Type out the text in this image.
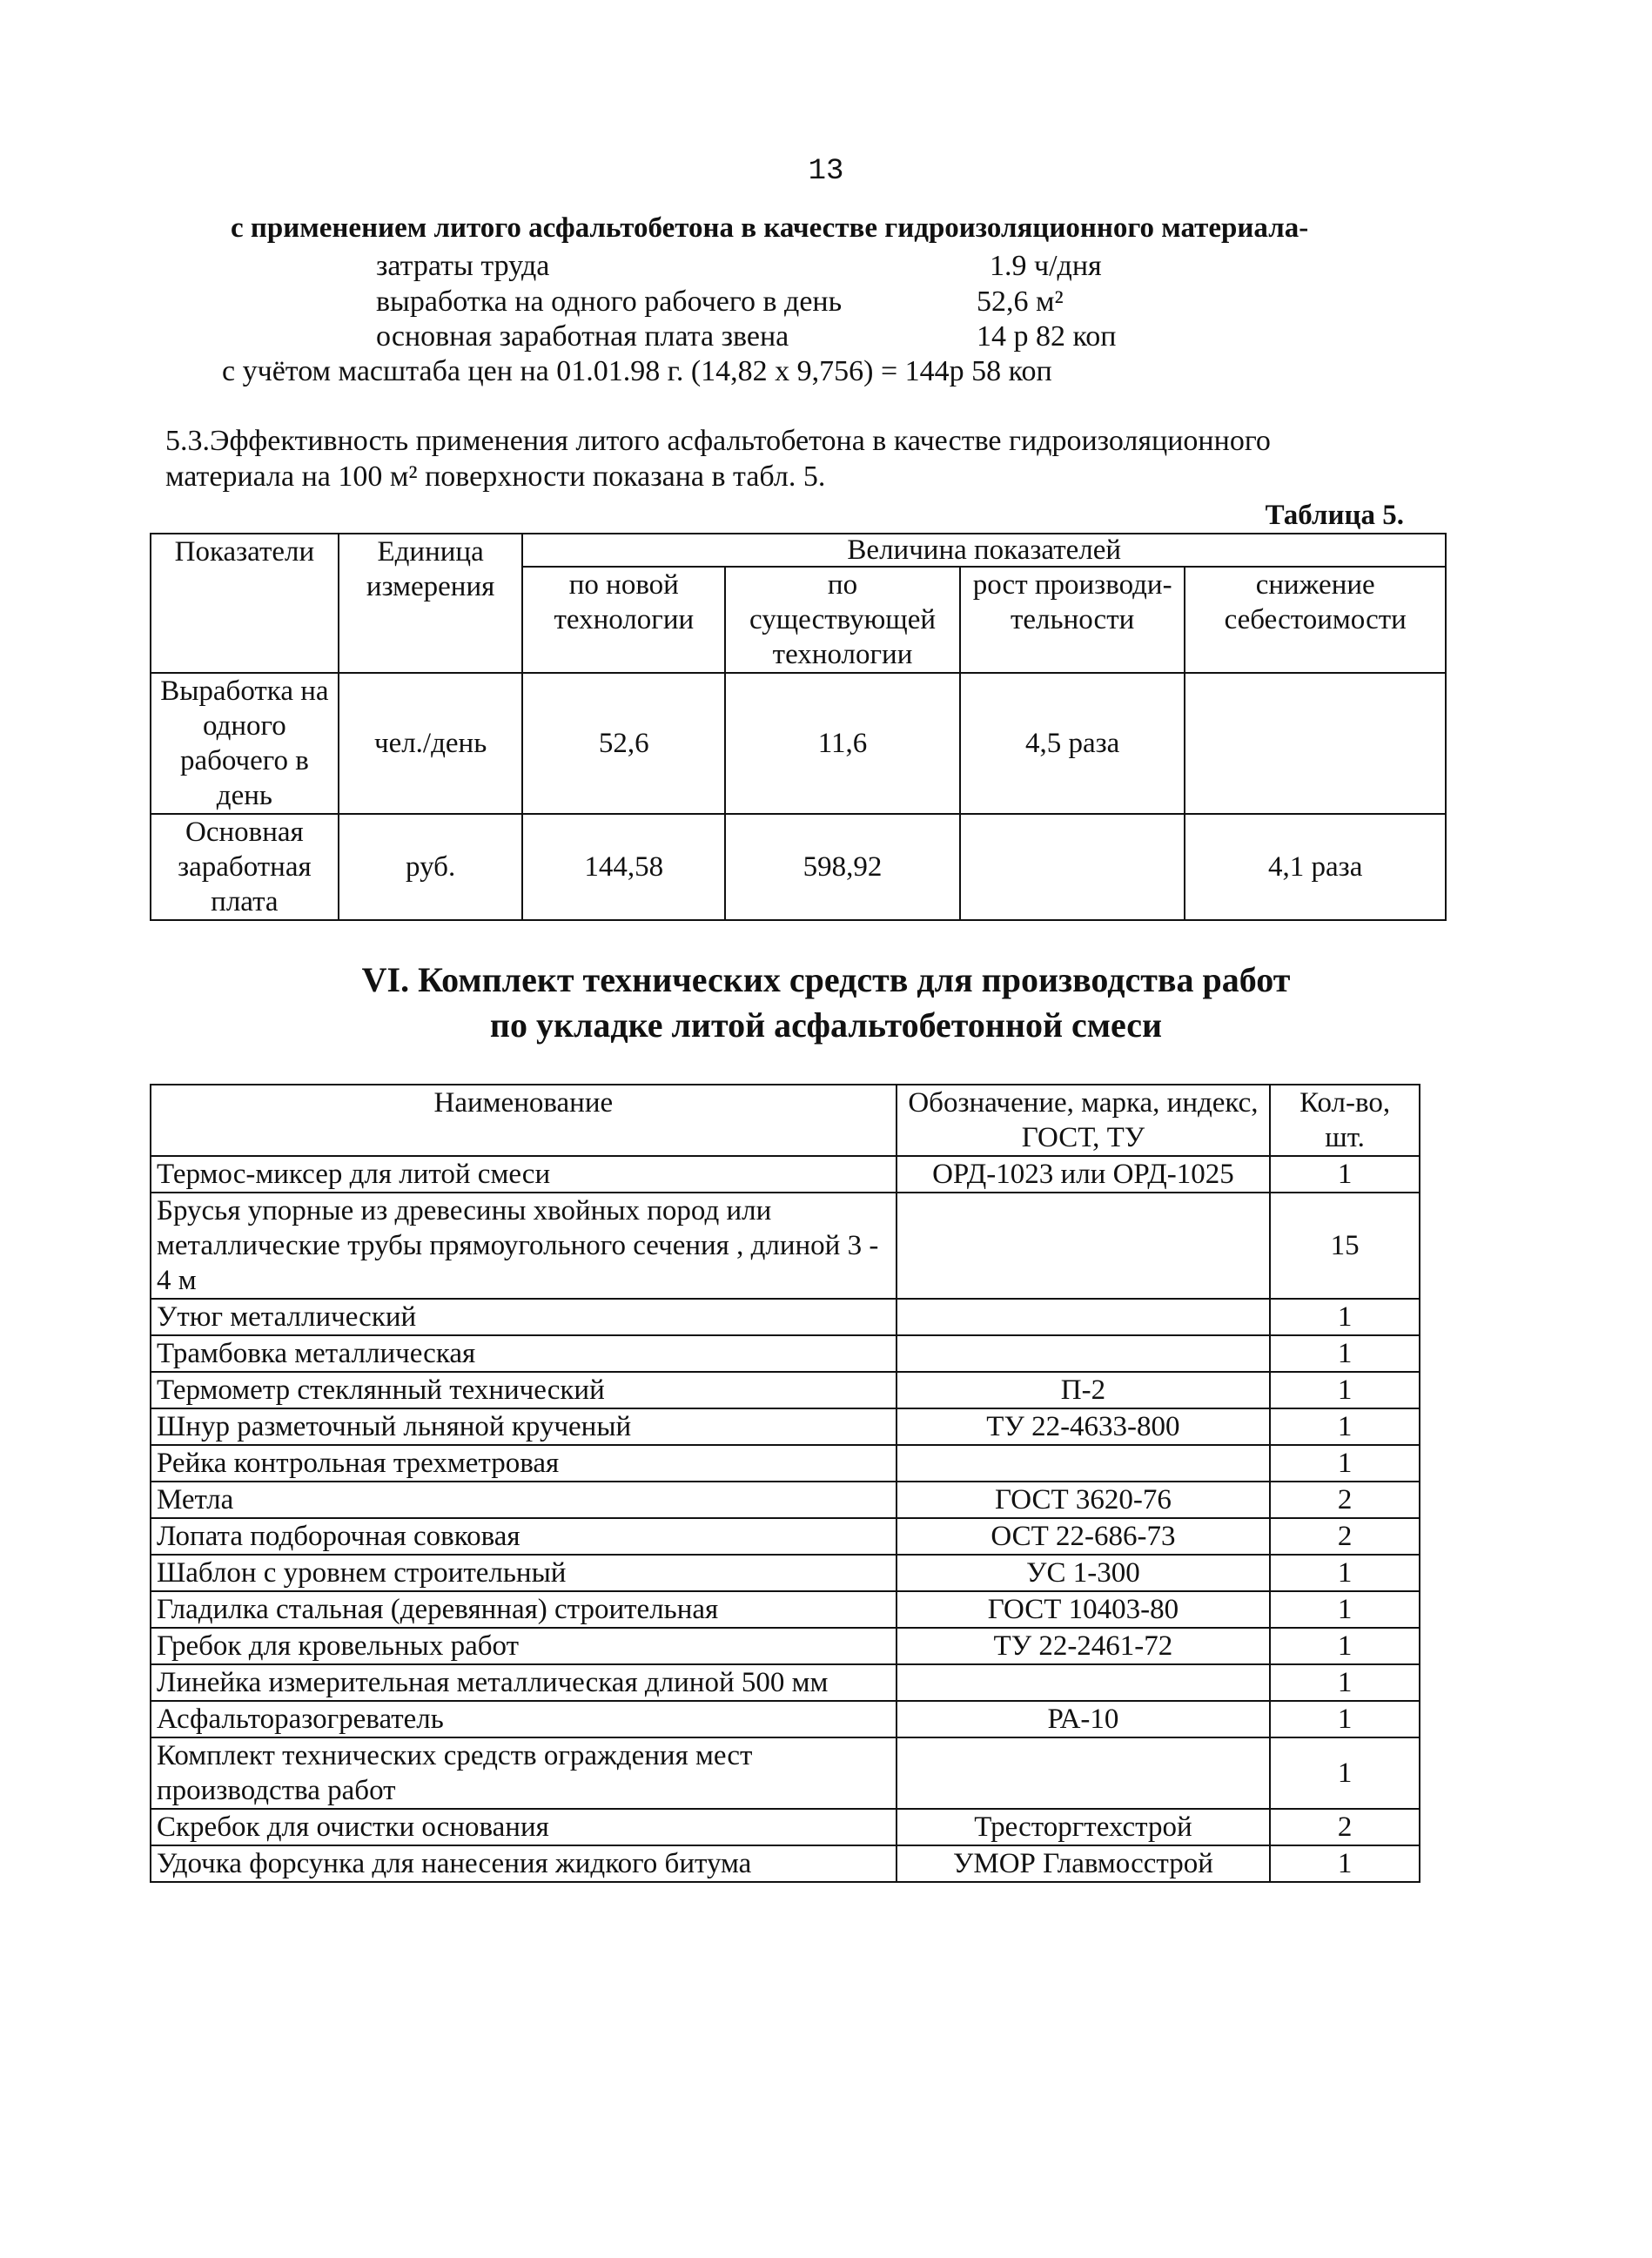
13
с применением литого асфальтобетона в качестве гидроизоляционного материала-
затраты труда	1.9 ч/дня
выработка на одного рабочего в день	52,6 м²
основная заработная плата звена	14 р 82 коп
с учётом масштаба цен на 01.01.98 г. (14,82 х 9,756) = 144р 58 коп
5.3.Эффективность применения литого асфальтобетона в качестве гидроизоляционного
материала на 100 м² поверхности показана в табл. 5.
Таблица 5.
Показатели	Единица измерения	Величина показателей			
		по новой технологии	по существующей технологии	рост производи-тельности	снижение себестоимости
Выработка на одного рабочего в день	чел./день	52,6	11,6	4,5 раза	
Основная заработная плата	руб.	144,58	598,92		4,1 раза
VI. Комплект технических средств для производства работ
по укладке литой асфальтобетонной смеси
Наименование	Обозначение, марка, индекс, ГОСТ, ТУ	Кол-во, шт.
Термос-миксер для литой смеси	ОРД-1023 или ОРД-1025	1
Брусья упорные из древесины хвойных пород или металлические трубы прямоугольного сечения , длиной 3 - 4 м		15
Утюг металлический		1
Трамбовка металлическая		1
Термометр стеклянный технический	П-2	1
Шнур разметочный льняной крученый	ТУ 22-4633-800	1
Рейка контрольная трехметровая		1
Метла	ГОСТ 3620-76	2
Лопата подборочная совковая	ОСТ 22-686-73	2
Шаблон с уровнем строительный	УС 1-300	1
Гладилка стальная (деревянная) строительная	ГОСТ 10403-80	1
Гребок для кровельных работ	ТУ 22-2461-72	1
Линейка измерительная металлическая длиной 500 мм		1
Асфальторазогреватель	РА-10	1
Комплект технических средств ограждения мест производства работ		1
Скребок для очистки основания	Тресторгтехстрой	2
Удочка форсунка для нанесения жидкого битума	УМОР Главмосстрой	1
